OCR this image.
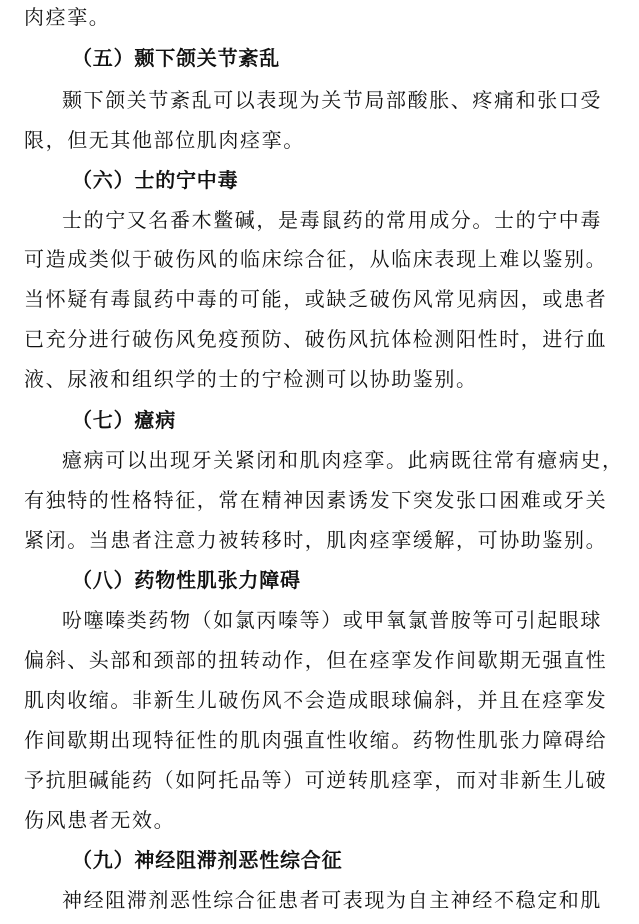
肉痉挛。
（五）颞下颌关节紊乱
颞下颌关节紊乱可以表现为关节局部酸胀、疼痛和张口受
限，但无其他部位肌肉痉挛。
（六）士的宁中毒
士的宁又名番木鳖碱，是毒鼠药的常用成分。士的宁中毒
可造成类似于破伤风的临床综合征，从临床表现上难以鉴别。
当怀疑有毒鼠药中毒的可能，或缺乏破伤风常见病因，或患者
已充分进行破伤风免疫预防、破伤风抗体检测阳性时，进行血
液、尿液和组织学的士的宁检测可以协助鉴别。
（七）癔病
癔病可以出现牙关紧闭和肌肉痉挛。此病既往常有癔病史，
有独特的性格特征，常在精神因素诱发下突发张口困难或牙关
紧闭。当患者注意力被转移时，肌肉痉挛缓解，可协助鉴别。
（八）药物性肌张力障碍
吩噻嗪类药物（如氯丙嗪等）或甲氧氯普胺等可引起眼球
偏斜、头部和颈部的扭转动作，但在痉挛发作间歇期无强直性
肌肉收缩。非新生儿破伤风不会造成眼球偏斜，并且在痉挛发
作间歇期出现特征性的肌肉强直性收缩。药物性肌张力障碍给
予抗胆碱能药（如阿托品等）可逆转肌痉挛，而对非新生儿破
伤风患者无效。
（九）神经阻滞剂恶性综合征
神经阻滞剂恶性综合征患者可表现为自主神经不稳定和肌
